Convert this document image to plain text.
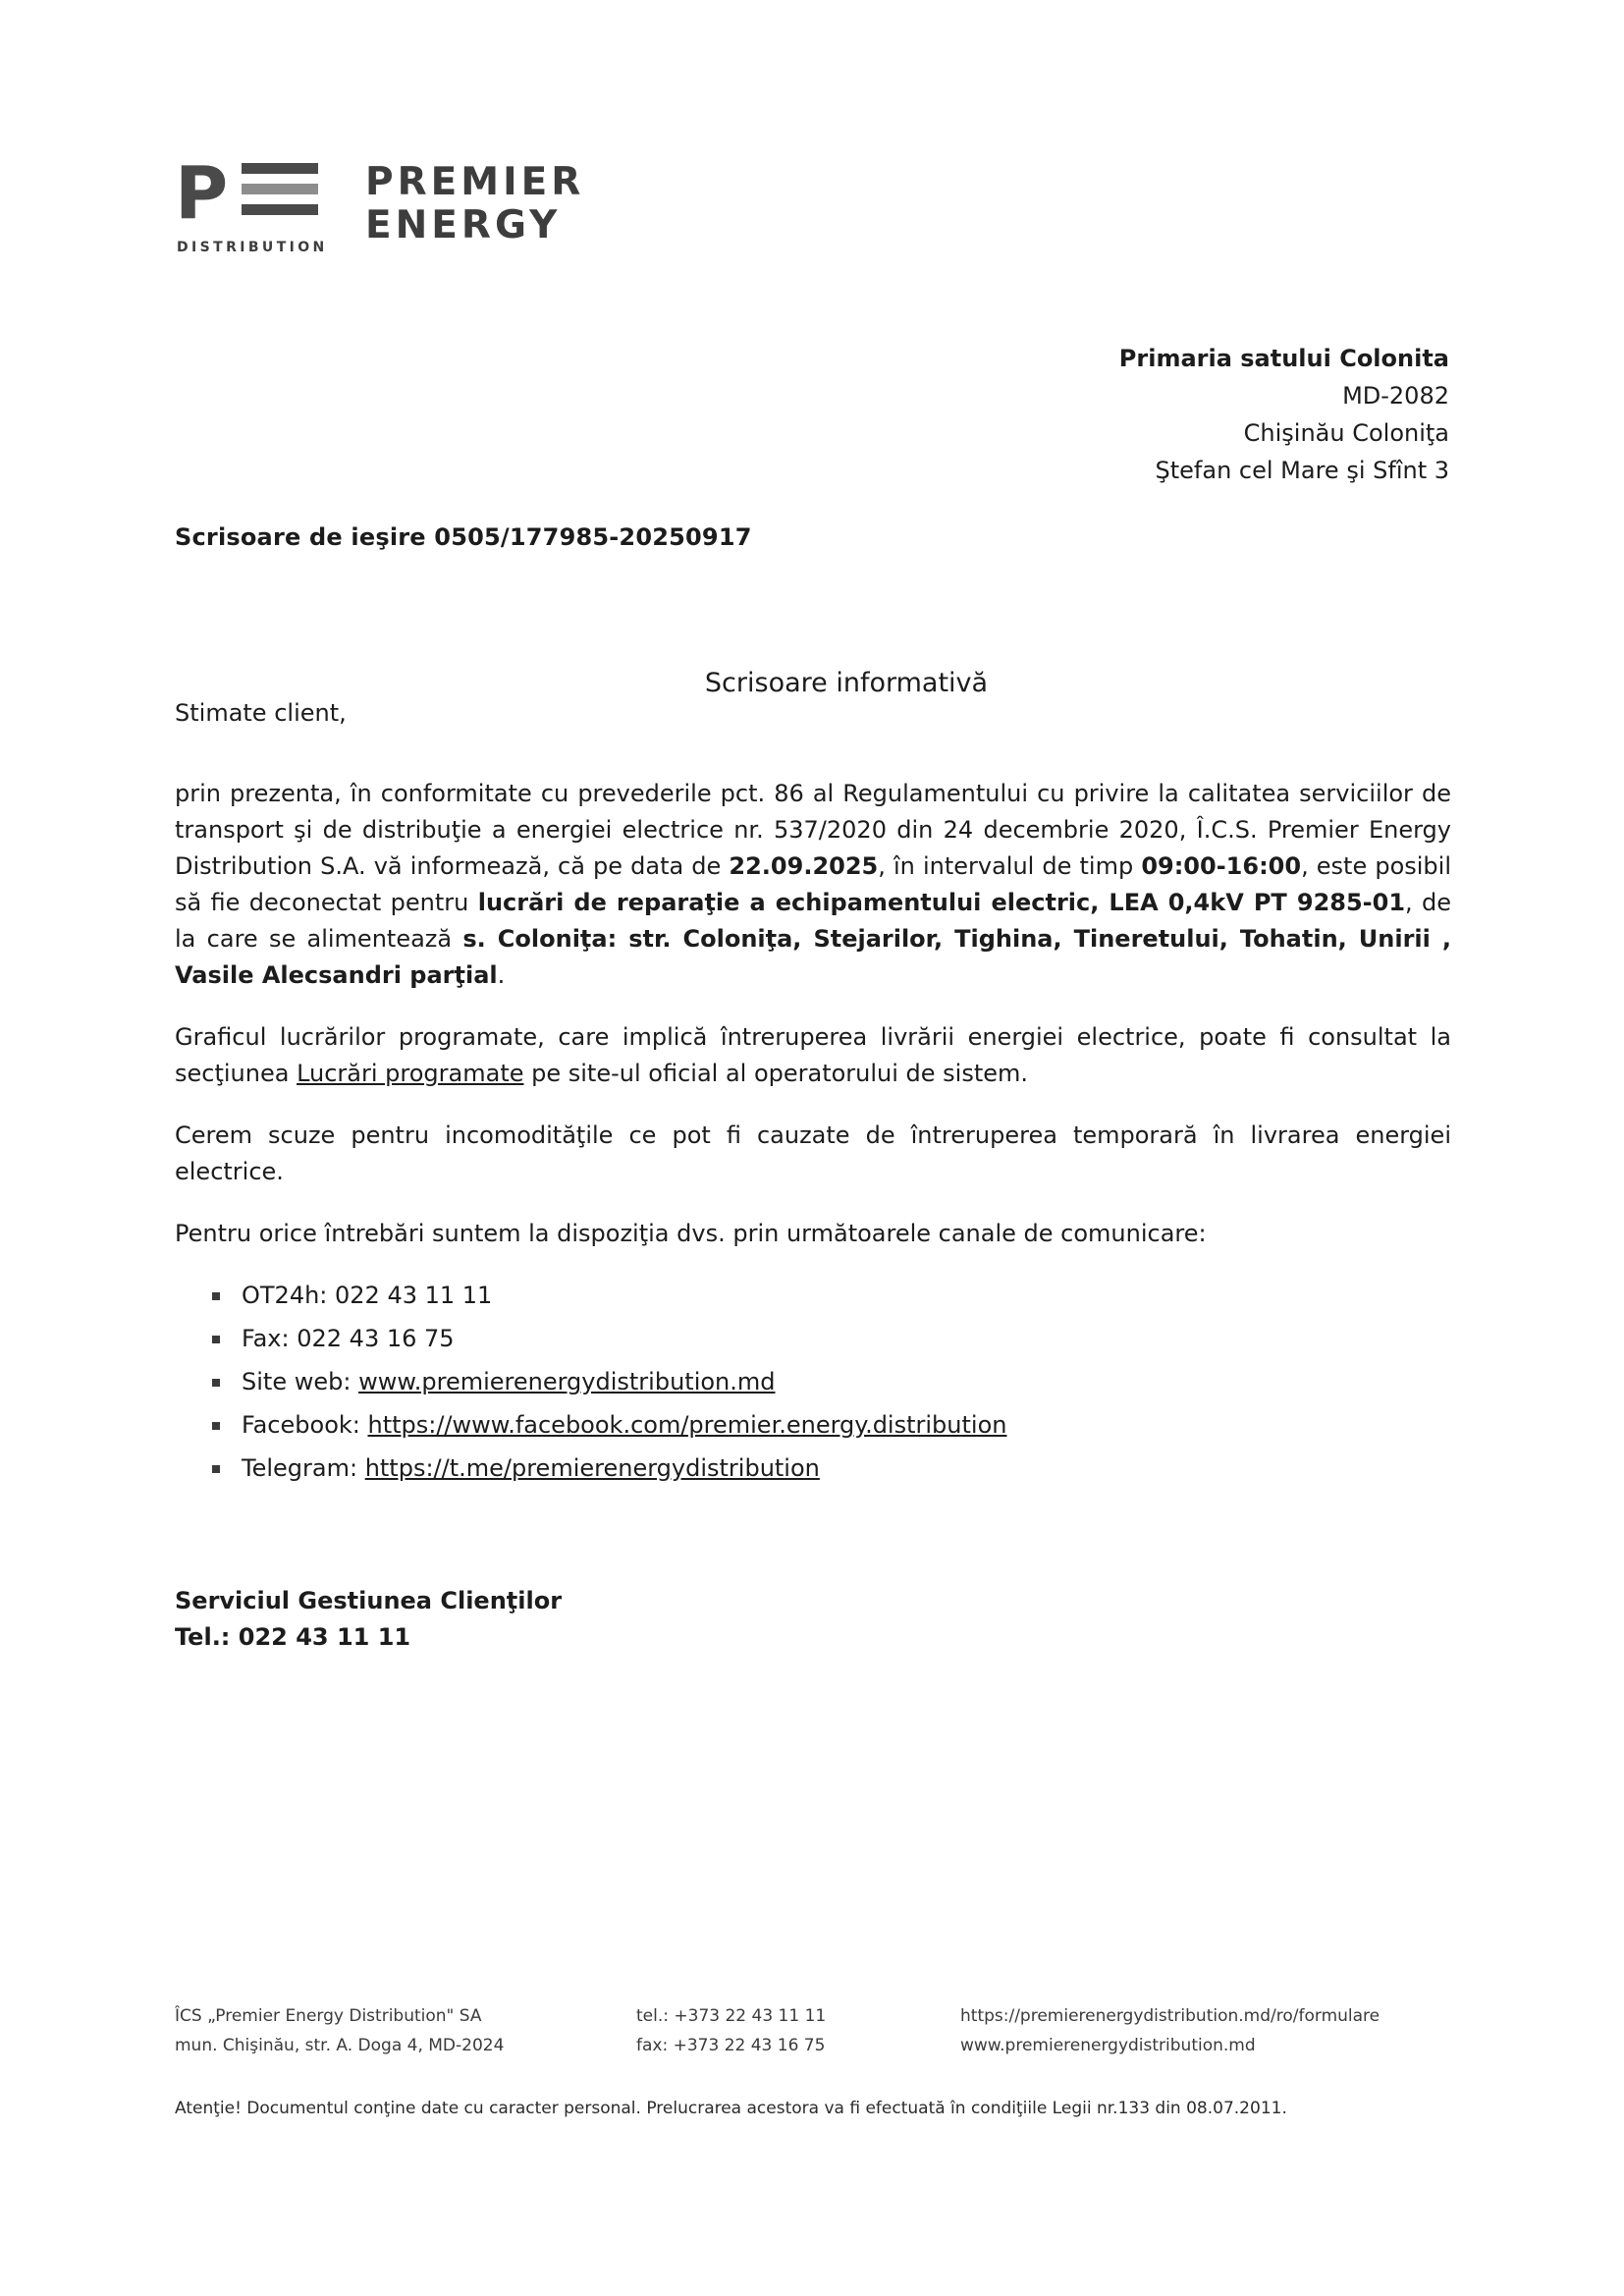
P
DISTRIBUTION
PREMIER
ENERGY
Primaria satului Colonita
MD-2082
Chişinău Coloniţa
Ştefan cel Mare şi Sfînt 3
Scrisoare de ieşire 0505/177985-20250917
Scrisoare informativă
Stimate client,

prin prezenta, în conformitate cu prevederile pct. 86 al Regulamentului cu privire la calitatea serviciilor de transport şi de distribuţie a energiei electrice nr. 537/2020 din 24 decembrie 2020, Î.C.S. Premier Energy Distribution S.A. vă informează, că pe data de 22.09.2025, în intervalul de timp 09:00-16:00, este posibil să fie deconectat pentru lucrări de reparaţie a echipamentului electric, LEA 0,4kV PT 9285-01, de la care se alimentează s. Coloniţa: str. Coloniţa, Stejarilor, Tighina, Tineretului, Tohatin, Unirii , Vasile Alecsandri parţial.

Graficul lucrărilor programate, care implică întreruperea livrării energiei electrice, poate fi consultat la secţiunea Lucrări programate pe site-ul oficial al operatorului de sistem.

Cerem scuze pentru incomodităţile ce pot fi cauzate de întreruperea temporară în livrarea energiei electrice.

Pentru orice întrebări suntem la dispoziţia dvs. prin următoarele canale de comunicare:

OT24h: 022 43 11 11
Fax: 022 43 16 75
Site web: www.premierenergydistribution.md
Facebook: https://www.facebook.com/premier.energy.distribution
Telegram: https://t.me/premierenergydistribution
Serviciul Gestiunea Clienţilor
Tel.: 022 43 11 11
ÎCS „Premier Energy Distribution" SA
mun. Chişinău, str. A. Doga 4, MD-2024
tel.: +373 22 43 11 11
fax: +373 22 43 16 75
https://premierenergydistribution.md/ro/formulare
www.premierenergydistribution.md
Atenţie! Documentul conţine date cu caracter personal. Prelucrarea acestora va fi efectuată în condiţiile Legii nr.133 din 08.07.2011.
